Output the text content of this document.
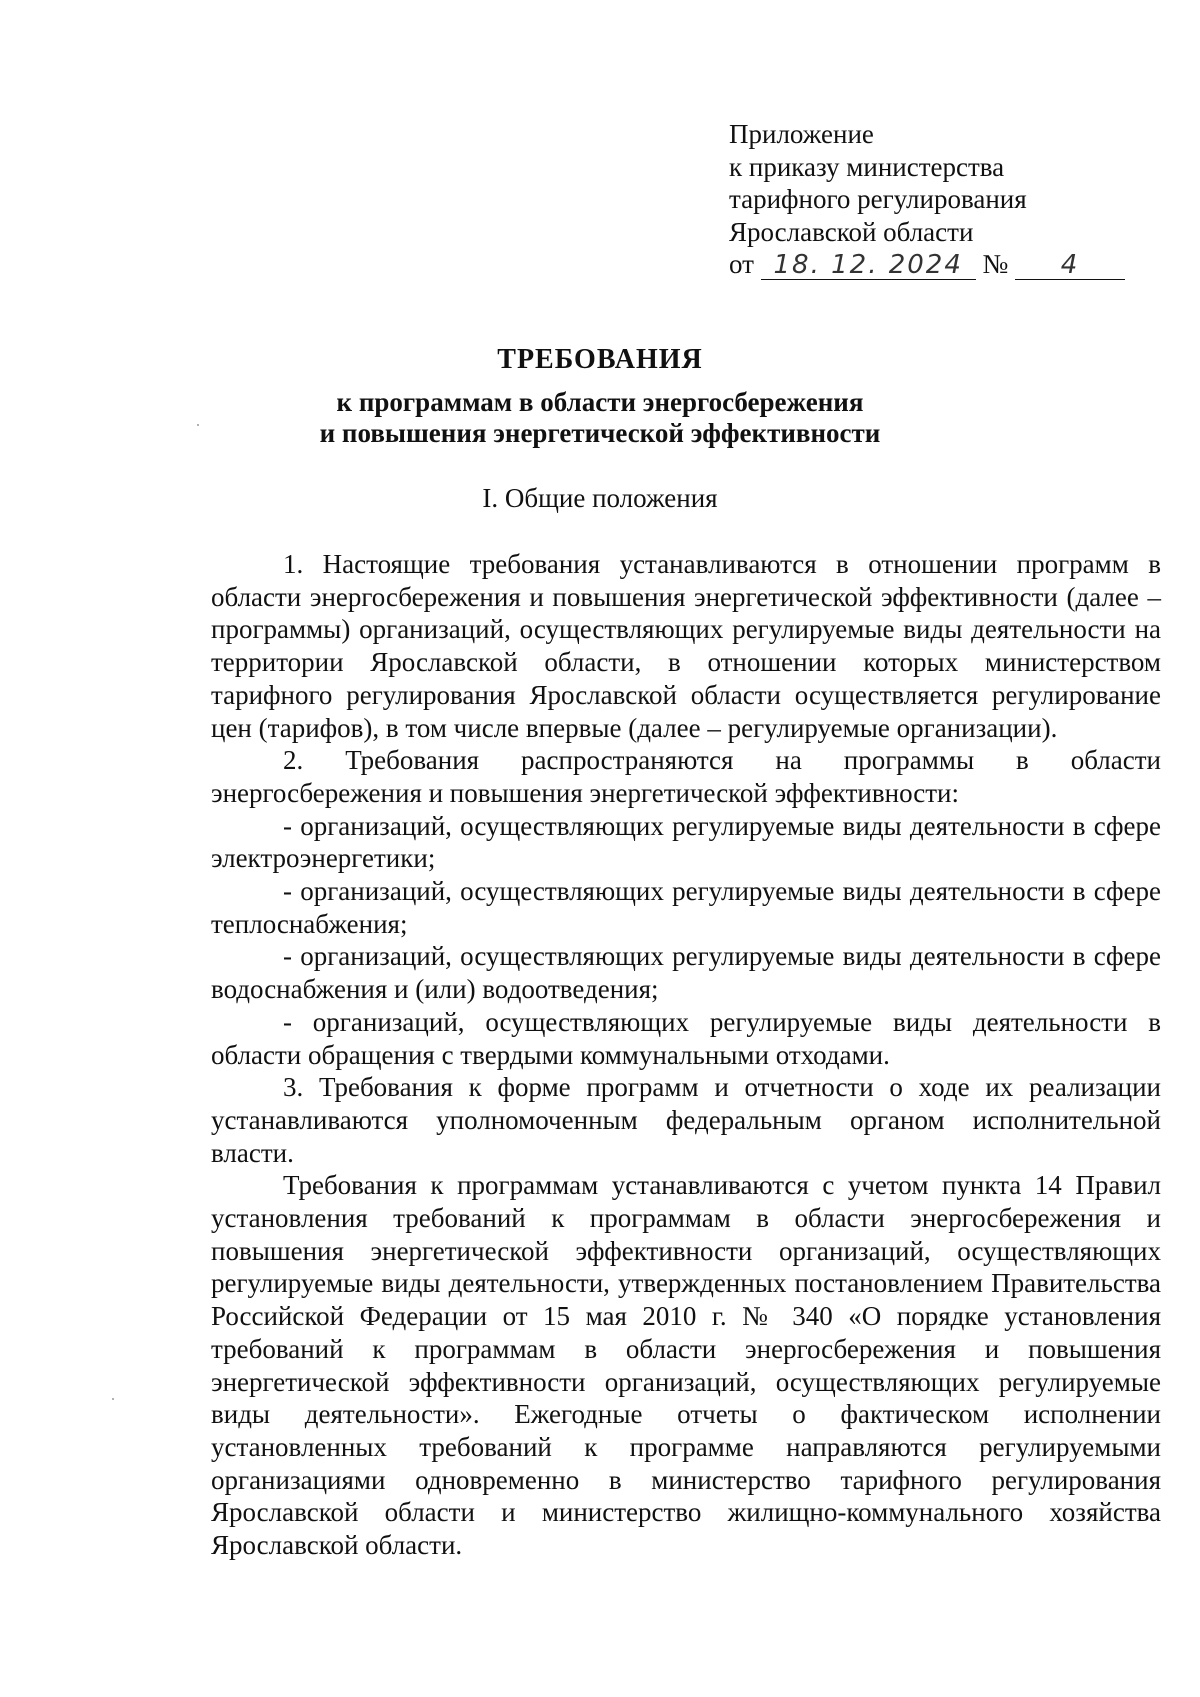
Приложение
к приказу министерства
тарифного регулирования
Ярославской области
от 18. 12. 2024 № 4
ТРЕБОВАНИЯ
к программам в области энергосбережения
и повышения энергетической эффективности
I. Общие положения

1. Настоящие требования устанавливаются в отношении программ в области энергосбережения и повышения энергетической эффективности (далее – программы) организаций, осуществляющих регулируемые виды деятельности на территории Ярославской области, в отношении которых министерством тарифного регулирования Ярославской области осуществляется регулирование цен (тарифов), в том числе впервые (далее – регулируемые организации).

2. Требования распространяются на программы в области энергосбережения и повышения энергетической эффективности:

- организаций, осуществляющих регулируемые виды деятельности в сфере электроэнергетики;

- организаций, осуществляющих регулируемые виды деятельности в сфере теплоснабжения;

- организаций, осуществляющих регулируемые виды деятельности в сфере водоснабжения и (или) водоотведения;

- организаций, осуществляющих регулируемые виды деятельности в области обращения с твердыми коммунальными отходами.

3. Требования к форме программ и отчетности о ходе их реализации устанавливаются уполномоченным федеральным органом исполнительной власти.

Требования к программам устанавливаются с учетом пункта 14 Правил установления требований к программам в области энергосбережения и повышения энергетической эффективности организаций, осуществляющих регулируемые виды деятельности, утвержденных постановлением Правительства Российской Федерации от 15 мая 2010 г. № 340 «О порядке установления требований к программам в области энергосбережения и повышения энергетической эффективности организаций, осуществляющих регулируемые виды деятельности». Ежегодные отчеты о фактическом исполнении установленных требований к программе направляются регулируемыми организациями одновременно в министерство тарифного регулирования Ярославской области и министерство жилищно-коммунального хозяйства Ярославской области.
